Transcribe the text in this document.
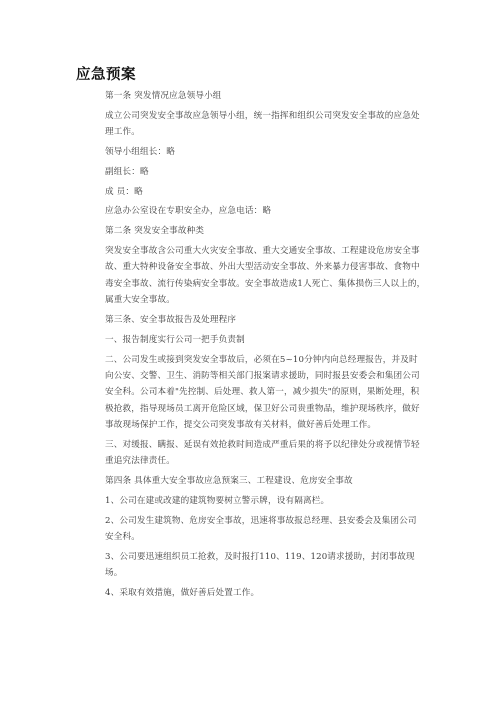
应急预案
第一条 突发情况应急领导小组
成立公司突发安全事故应急领导小组，统一指挥和组织公司突发安全事故的应急处
理工作。
领导小组组长：略
副组长：略
成 员：略
应急办公室设在专职安全办，应急电话：略
第二条 突发安全事故种类
突发安全事故含公司重大火灾安全事故、重大交通安全事故、工程建设危房安全事
故、重大特种设备安全事故、外出大型活动安全事故、外来暴力侵害事故、食物中
毒安全事故、流行传染病安全事故。安全事故造成1人死亡、集体损伤三人以上的，
属重大安全事故。
第三条、安全事故报告及处理程序
一、报告制度实行公司一把手负责制
二、公司发生或接到突发安全事故后，必须在5~10分钟内向总经理报告，并及时
向公安、交警、卫生、消防等相关部门报案请求援助，同时报县安委会和集团公司
安全科。公司本着"先控制、后处理、救人第一，减少损失"的原则，果断处理，积
极抢救，指导现场员工离开危险区域，保卫好公司贵重物品，维护现场秩序，做好
事故现场保护工作，提交公司突发事故有关材料，做好善后处理工作。
三、对缓报、瞒报、延误有效抢救时间造成严重后果的将予以纪律处分或视情节轻
重追究法律责任。
第四条 具体重大安全事故应急预案三、工程建设、危房安全事故
1、公司在建或改建的建筑物要树立警示牌，设有隔离栏。
2、公司发生建筑物、危房安全事故，迅速将事故报总经理、县安委会及集团公司
安全科。
3、公司要迅速组织员工抢救，及时报打110、119、120请求援助，封闭事故现
场。
4、采取有效措施，做好善后处置工作。
